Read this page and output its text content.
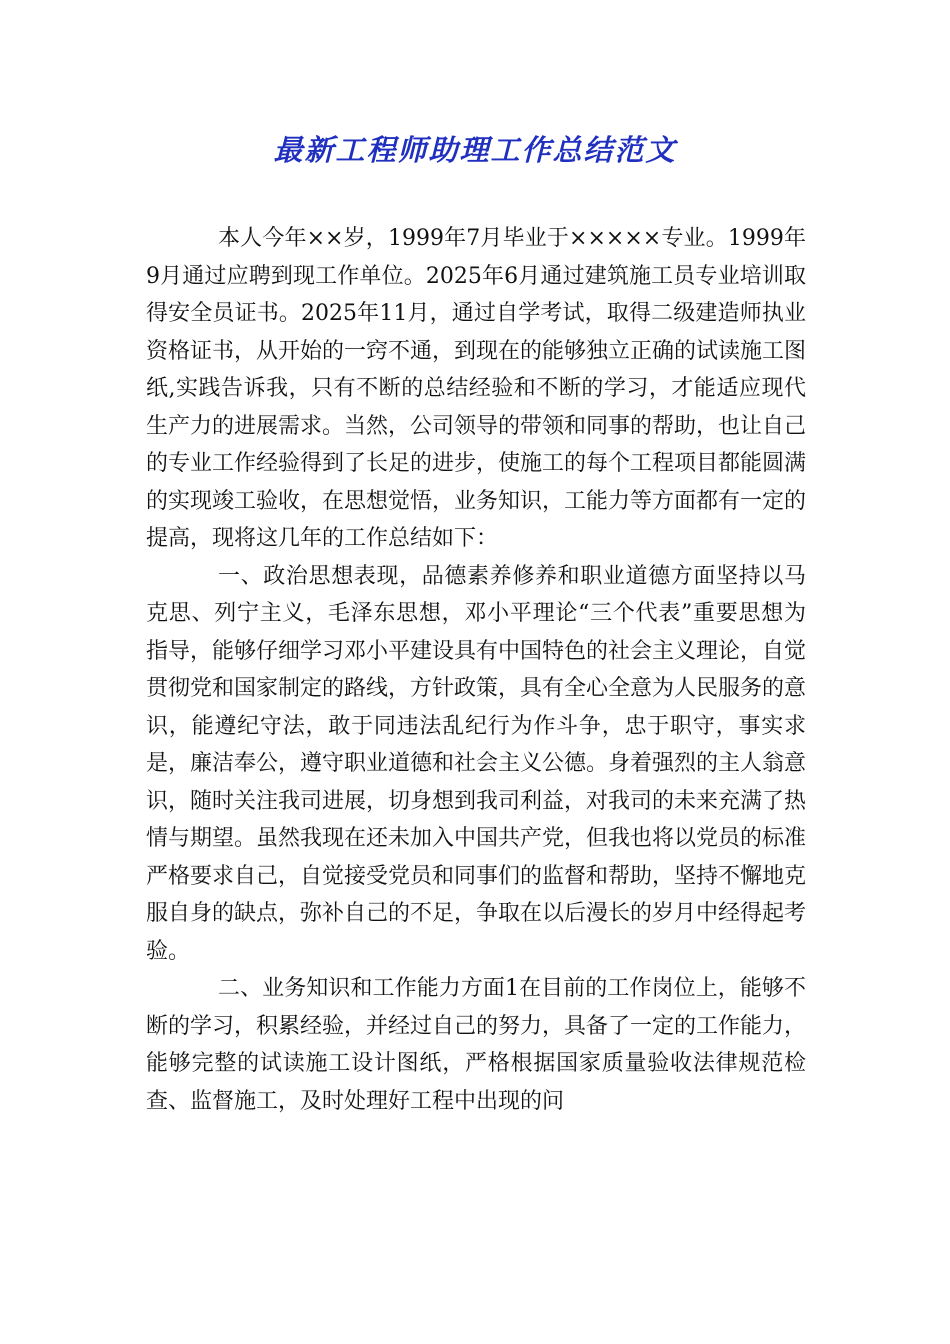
最新工程师助理工作总结范文

本人今年××岁，1999年7月毕业于×××××专业。1999年9月通过应聘到现工作单位。2025年6月通过建筑施工员专业培训取得安全员证书。2025年11月，通过自学考试，取得二级建造师执业资格证书，从开始的一窍不通，到现在的能够独立正确的试读施工图纸,实践告诉我，只有不断的总结经验和不断的学习，才能适应现代生产力的进展需求。当然，公司领导的带领和同事的帮助，也让自己的专业工作经验得到了长足的进步，使施工的每个工程项目都能圆满的实现竣工验收，在思想觉悟，业务知识，工能力等方面都有一定的提高，现将这几年的工作总结如下：

一、政治思想表现，品德素养修养和职业道德方面坚持以马克思、列宁主义，毛泽东思想，邓小平理论“三个代表”重要思想为指导，能够仔细学习邓小平建设具有中国特色的社会主义理论，自觉贯彻党和国家制定的路线，方针政策，具有全心全意为人民服务的意识，能遵纪守法，敢于同违法乱纪行为作斗争，忠于职守，事实求是，廉洁奉公，遵守职业道德和社会主义公德。身着强烈的主人翁意识，随时关注我司进展，切身想到我司利益，对我司的未来充满了热情与期望。虽然我现在还未加入中国共产党，但我也将以党员的标准严格要求自己，自觉接受党员和同事们的监督和帮助，坚持不懈地克服自身的缺点，弥补自己的不足，争取在以后漫长的岁月中经得起考验。

二、业务知识和工作能力方面1在目前的工作岗位上，能够不断的学习，积累经验，并经过自己的努力，具备了一定的工作能力，能够完整的试读施工设计图纸，严格根据国家质量验收法律规范检查、监督施工，及时处理好工程中出现的问
